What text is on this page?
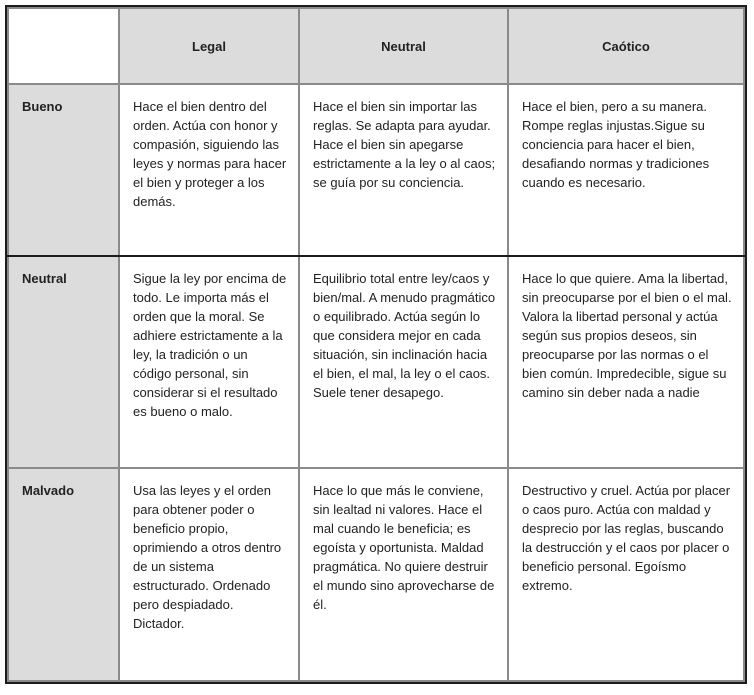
	Legal	Neutral	Caótico
Bueno	Hace el bien dentro del orden. Actúa con honor y compasión, siguiendo las leyes y normas para hacer el bien y proteger a los demás.	Hace el bien sin importar las reglas. Se adapta para ayudar. Hace el bien sin apegarse estrictamente a la ley o al caos; se guía por su conciencia.	Hace el bien, pero a su manera. Rompe reglas injustas.Sigue su conciencia para hacer el bien, desafiando normas y tradiciones cuando es necesario.
Neutral	Sigue la ley por encima de todo. Le importa más el orden que la moral. Se adhiere estrictamente a la ley, la tradición o un código personal, sin considerar si el resultado es bueno o malo.	Equilibrio total entre ley/caos y bien/mal. A menudo pragmático o equilibrado. Actúa según lo que considera mejor en cada situación, sin inclinación hacia el bien, el mal, la ley o el caos. Suele tener desapego.	Hace lo que quiere. Ama la libertad, sin preocuparse por el bien o el mal. Valora la libertad personal y actúa según sus propios deseos, sin preocuparse por las normas o el bien común. Impredecible, sigue su camino sin deber nada a nadie
Malvado	Usa las leyes y el orden para obtener poder o beneficio propio, oprimiendo a otros dentro de un sistema estructurado. Ordenado pero despiadado. Dictador.	Hace lo que más le conviene, sin lealtad ni valores. Hace el mal cuando le beneficia; es egoísta y oportunista. Maldad pragmática. No quiere destruir el mundo sino aprovecharse de él.	Destructivo y cruel. Actúa por placer o caos puro. Actúa con maldad y desprecio por las reglas, buscando la destrucción y el caos por placer o beneficio personal. Egoísmo extremo.
